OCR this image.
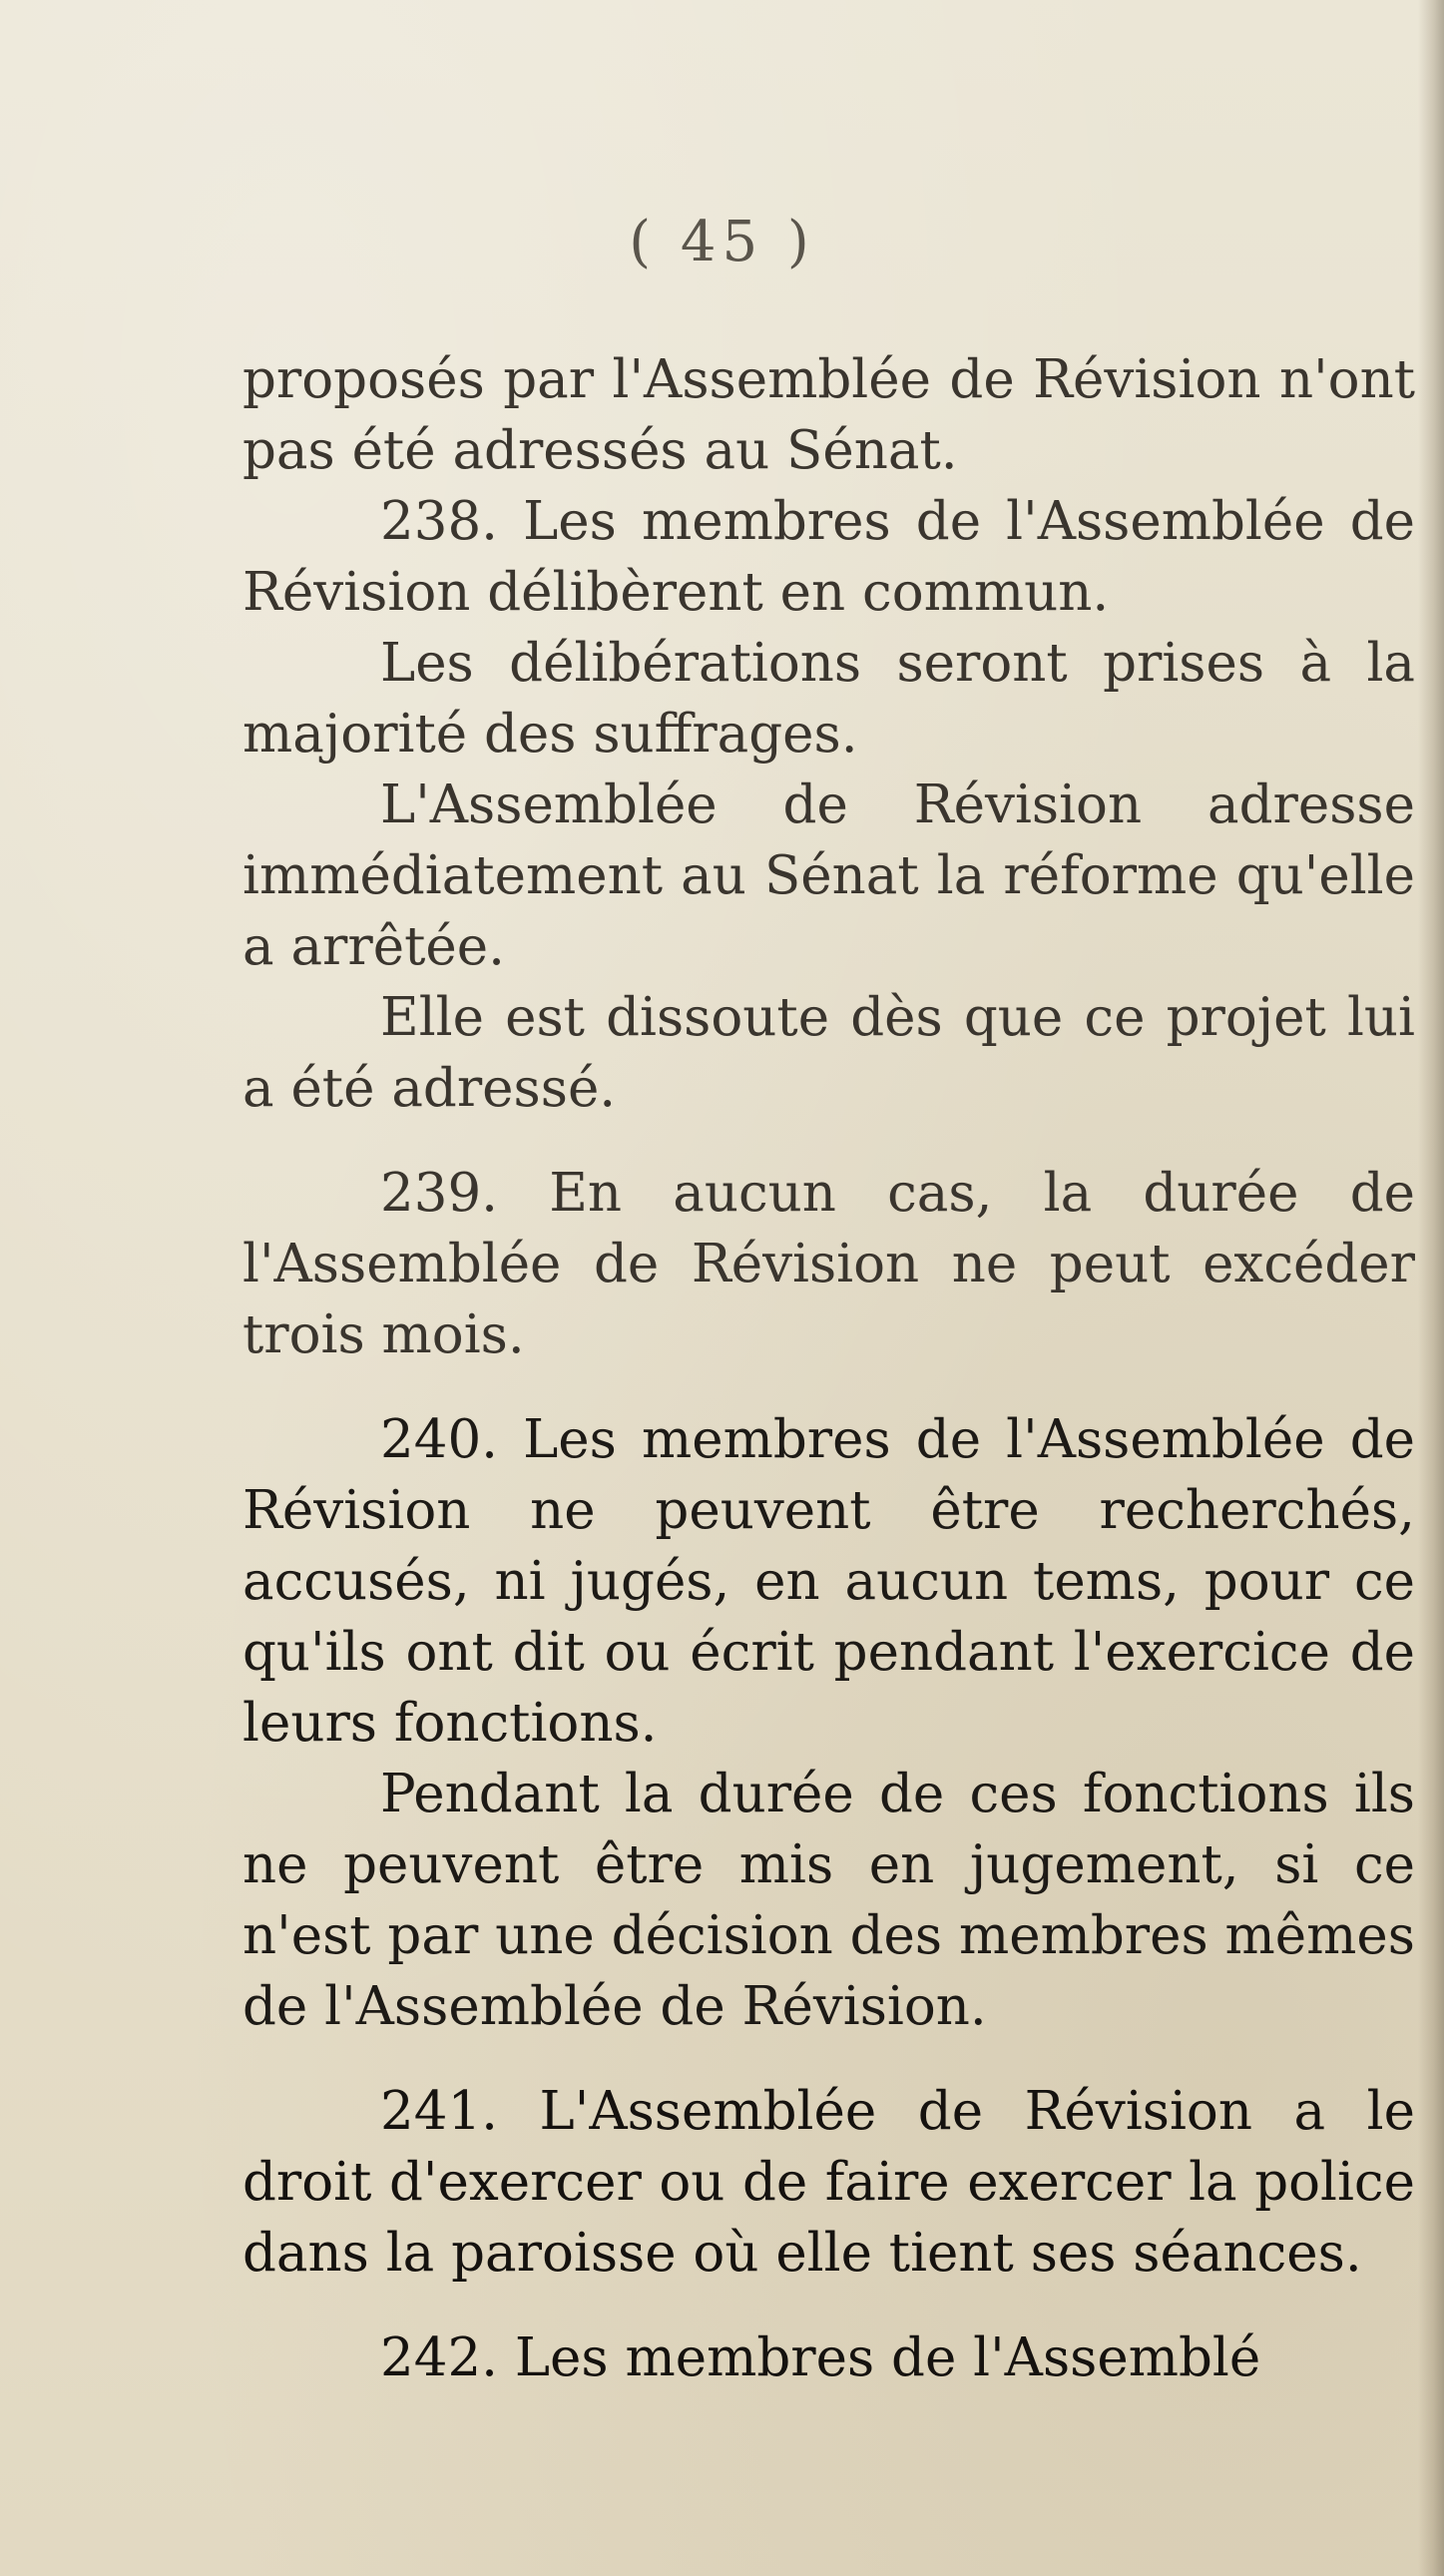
( 45 )

proposés par l'Assemblée de Révision n'ont pas été adressés au Sénat.

238. Les membres de l'Assemblée de Révision délibèrent en commun.

Les délibérations seront prises à la majorité des suffrages.

L'Assemblée de Révision adresse immédiatement au Sénat la réforme qu'elle a arrêtée.

Elle est dissoute dès que ce projet lui a été adressé.

239. En aucun cas, la durée de l'Assemblée de Révision ne peut excéder trois mois.

240. Les membres de l'Assemblée de Révision ne peuvent être recherchés, accusés, ni jugés, en aucun tems, pour ce qu'ils ont dit ou écrit pendant l'exercice de leurs fonctions.

Pendant la durée de ces fonctions ils ne peuvent être mis en jugement, si ce n'est par une décision des membres mêmes de l'Assemblée de Révision.

241. L'Assemblée de Révision a le droit d'exercer ou de faire exercer la police dans la paroisse où elle tient ses séances.

242. Les membres de l'Assemblé
